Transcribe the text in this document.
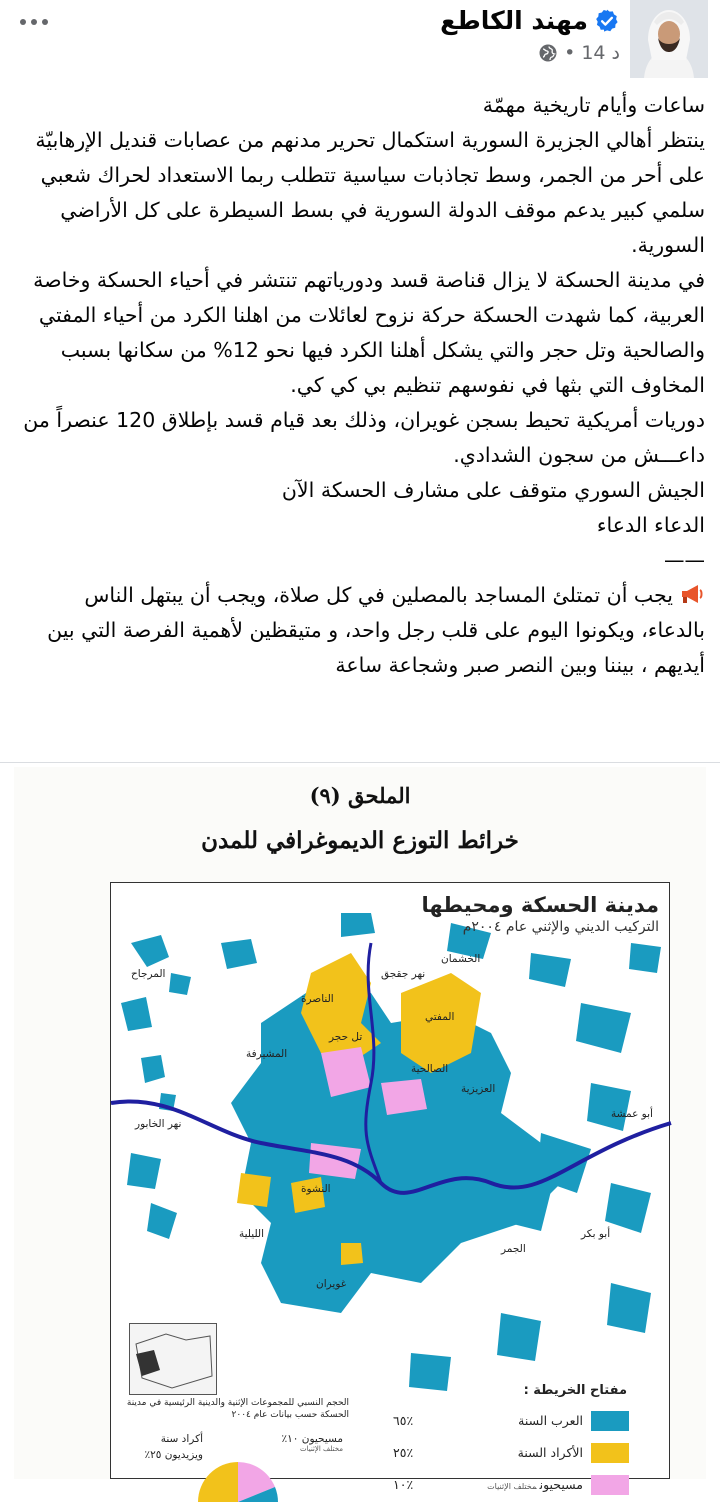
مهند الكاطع
• 14 د

ساعات وأيام تاريخية مهمّة

ينتظر أهالي الجزيرة السورية استكمال تحرير مدنهم من عصابات قنديل الإرهابيّة على أحر من الجمر، وسط تجاذبات سياسية تتطلب ربما الاستعداد لحراك شعبي سلمي كبير يدعم موقف الدولة السورية في بسط السيطرة على كل الأراضي السورية.

في مدينة الحسكة لا يزال قناصة قسد ودورياتهم تنتشر في أحياء الحسكة وخاصة العربية، كما شهدت الحسكة حركة نزوح لعائلات من اهلنا الكرد من أحياء المفتي والصالحية وتل حجر والتي يشكل أهلنا الكرد فيها نحو 12% من سكانها بسبب المخاوف التي بثها في نفوسهم تنظيم بي كي كي.

دوريات أمريكية تحيط بسجن غويران، وذلك بعد قيام قسد بإطلاق 120 عنصراً من داعـــش من سجون الشدادي.

الجيش السوري متوقف على مشارف الحسكة الآن

الدعاء الدعاء

——

يجب أن تمتلئ المساجد بالمصلين في كل صلاة، ويجب أن يبتهل الناس بالدعاء، ويكونوا اليوم على قلب رجل واحد، و متيقظين لأهمية الفرصة التي بين أيديهم ، بيننا وبين النصر صبر وشجاعة ساعة

الملحق (٩)
خرائط التوزع الديموغرافي للمدن
مدينة الحسكة ومحيطها
التركيب الديني والإثني عام ٢٠٠٤م
تل حجر
الصالحية
المفتي
العزيزية
الناصرة
المشيرفة
النشوة
غويران
الليلية
أبو عمشة
أبو بكر
نهر الخابور
نهر جقجق
المرجاح
الخشمان
الجمر
الحجم النسبي للمجموعات الإثنية والدينية الرئيسية في مدينة الحسكة حسب بيانات عام ٢٠٠٤
مسيحيون ١٠٪
مختلف الإثنيات
أكراد سنة
ويزيديون ٢٥٪
مفتاح الخريطة :
العرب السنة
٪٦٥
الأكراد السنة
٪٢٥
مسيحيونمختلف الإثنيات
٪١٠
